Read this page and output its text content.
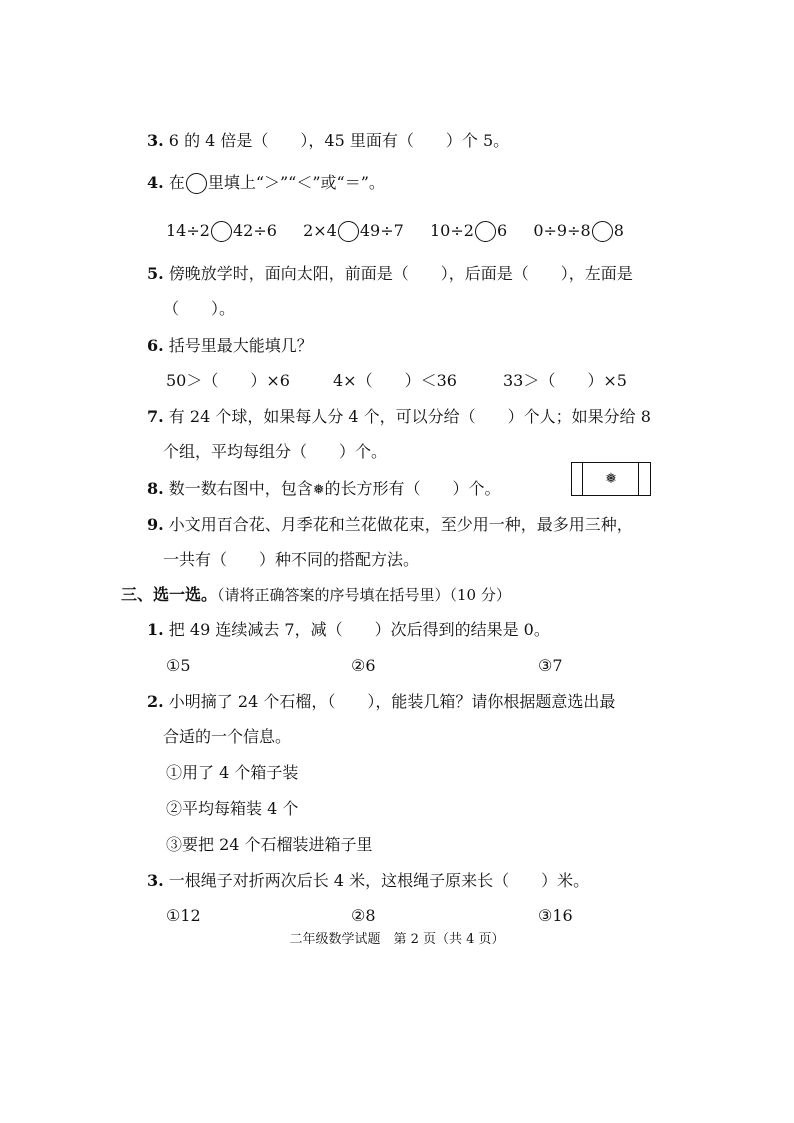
3. 6 的 4 倍是（　　），45 里面有（　　）个 5。
4. 在 里填上“＞”“＜”或“＝”。
14÷2 42÷6 2×4 49÷7 10÷2 6 0÷9÷8 8
5. 傍晚放学时，面向太阳，前面是（　　），后面是（　　），左面是
（　　）。
6. 括号里最大能填几？
50＞（　　）×6	4×（　　）＜36	33＞（　　）×5
7. 有 24 个球，如果每人分 4 个，可以分给（　　）个人；如果分给 8
个组，平均每组分（　　）个。
8. 数一数右图中，包含❅的长方形有（　　）个。	❅
9. 小文用百合花、月季花和兰花做花束，至少用一种，最多用三种，
一共有（　　）种不同的搭配方法。
三、选一选。（请将正确答案的序号填在括号里）（10 分）
1. 把 49 连续减去 7，减（　　）次后得到的结果是 0。
①5	②6	③7
2. 小明摘了 24 个石榴，（　　），能装几箱？请你根据题意选出最
合适的一个信息。
①用了 4 个箱子装
②平均每箱装 4 个
③要把 24 个石榴装进箱子里
3. 一根绳子对折两次后长 4 米，这根绳子原来长（　　）米。
①12	②8	③16
二年级数学试题　第 2 页（共 4 页）
